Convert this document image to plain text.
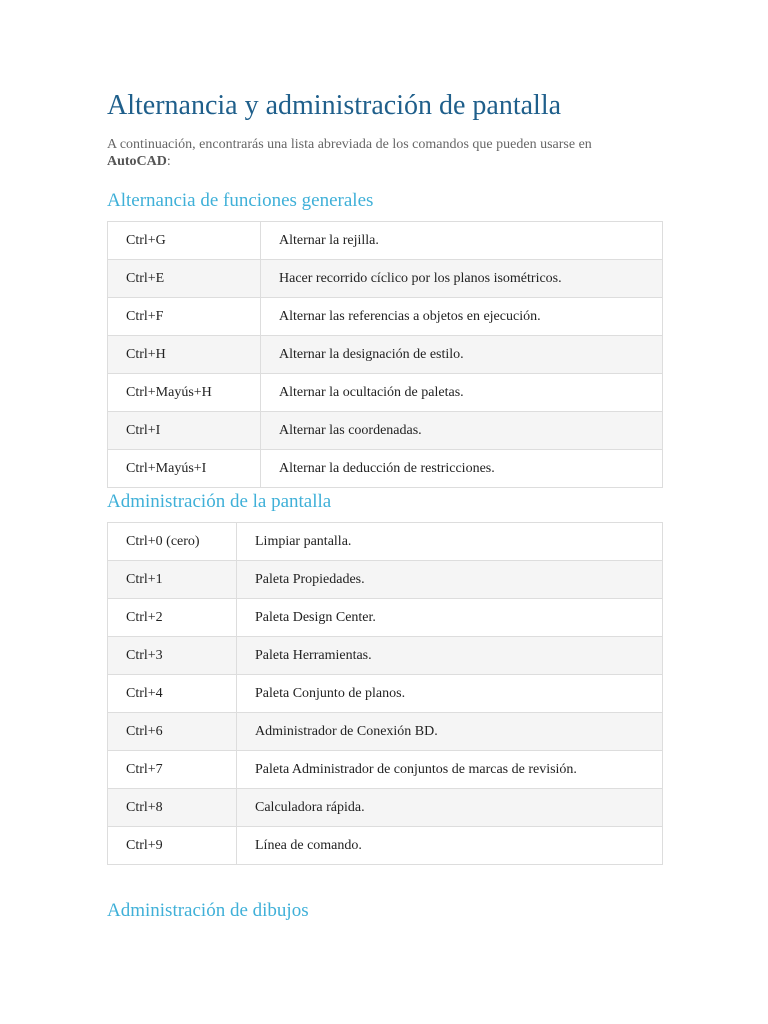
Alternancia y administración de pantalla

A continuación, encontrarás una lista abreviada de los comandos que pueden usarse en AutoCAD:

Alternancia de funciones generales
Ctrl+G	Alternar la rejilla.
Ctrl+E	Hacer recorrido cíclico por los planos isométricos.
Ctrl+F	Alternar las referencias a objetos en ejecución.
Ctrl+H	Alternar la designación de estilo.
Ctrl+Mayús+H	Alternar la ocultación de paletas.
Ctrl+I	Alternar las coordenadas.
Ctrl+Mayús+I	Alternar la deducción de restricciones.
Administración de la pantalla
Ctrl+0 (cero)	Limpiar pantalla.
Ctrl+1	Paleta Propiedades.
Ctrl+2	Paleta Design Center.
Ctrl+3	Paleta Herramientas.
Ctrl+4	Paleta Conjunto de planos.
Ctrl+6	Administrador de Conexión BD.
Ctrl+7	Paleta Administrador de conjuntos de marcas de revisión.
Ctrl+8	Calculadora rápida.
Ctrl+9	Línea de comando.
Administración de dibujos
